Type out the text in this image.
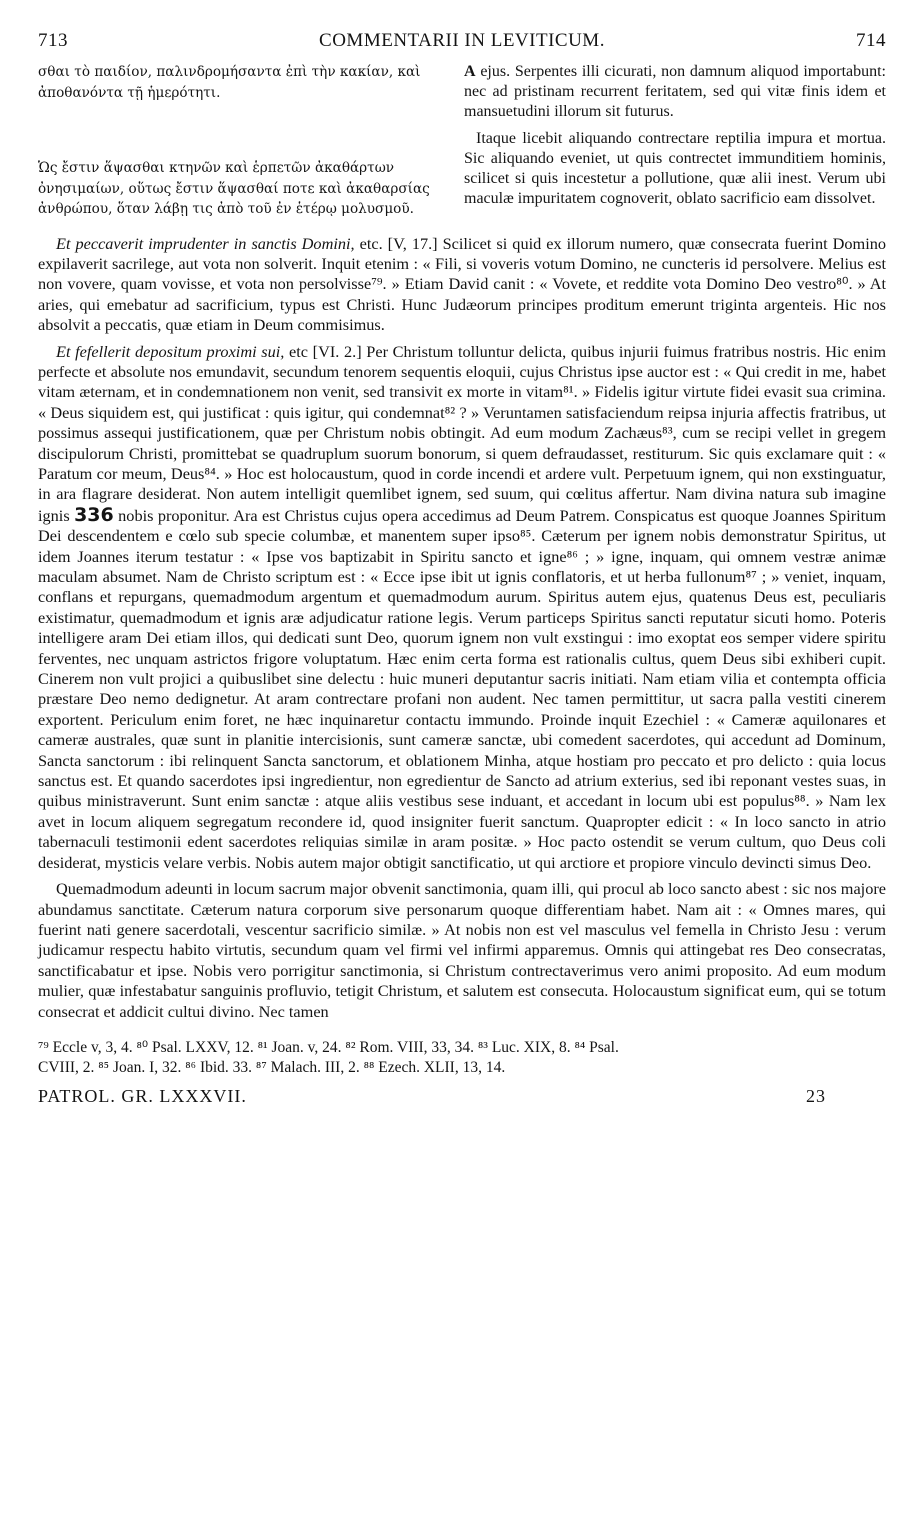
713	COMMENTARII IN LEVITICUM.	714

σθαι τὸ παιδίον, παλινδρομήσαντα ἐπὶ τὴν κακίαν, καὶ ἀποθανόντα τῇ ἡμερότητι.

Ὡς ἔστιν ἅψασθαι κτηνῶν καὶ ἑρπετῶν ἀκαθάρτων ὀνησιμαίων, οὕτως ἔστιν ἅψασθαί ποτε καὶ ἀκαθαρσίας ἀνθρώπου, ὅταν λάβῃ τις ἀπὸ τοῦ ἐν ἑτέρῳ μολυσμοῦ.

A ejus. Serpentes illi cicurati, non damnum aliquod importabunt: nec ad pristinam recurrent feritatem, sed qui vitæ finis idem et mansuetudini illorum sit futurus.

Itaque licebit aliquando contrectare reptilia impura et mortua. Sic aliquando eveniet, ut quis contrectet immunditiem hominis, scilicet si quis incestetur a pollutione, quæ alii inest. Verum ubi maculæ impuritatem cognoverit, oblato sacrificio eam dissolvet.

Et peccaverit imprudenter in sanctis Domini, etc. [V, 17.] Scilicet si quid ex illorum numero, quæ consecrata fuerint Domino expilaverit sacrilege, aut vota non solverit. Inquit etenim : « Fili, si voveris votum Domino, ne cuncteris id persolvere. Melius est non vovere, quam vovisse, et vota non persolvisse⁷⁹. » Etiam David canit : « Vovete, et reddite vota Domino Deo vestro⁸⁰. » At aries, qui emebatur ad sacrificium, typus est Christi. Hunc Judæorum principes proditum emerunt triginta argenteis. Hic nos absolvit a peccatis, quæ etiam in Deum commisimus.

Et fefellerit depositum proximi sui, etc [VI. 2.] Per Christum tolluntur delicta, quibus injurii fuimus fratribus nostris. Hic enim perfecte et absolute nos emundavit, secundum tenorem sequentis eloquii, cujus Christus ipse auctor est : « Qui credit in me, habet vitam æternam, et in condemnationem non venit, sed transivit ex morte in vitam⁸¹. » Fidelis igitur virtute fidei evasit sua crimina. « Deus siquidem est, qui justificat : quis igitur, qui condemnat⁸² ? » Veruntamen satisfaciendum reipsa injuria affectis fratribus, ut possimus assequi justificationem, quæ per Christum nobis obtingit. Ad eum modum Zachæus⁸³, cum se recipi vellet in gregem discipulorum Christi, promittebat se quadruplum suorum bonorum, si quem defraudasset, restiturum. Sic quis exclamare quit : « Paratum cor meum, Deus⁸⁴. » Hoc est holocaustum, quod in corde incendi et ardere vult. Perpetuum ignem, qui non exstinguatur, in ara flagrare desiderat. Non autem intelligit quemlibet ignem, sed suum, qui cœlitus affertur. Nam divina natura sub imagine ignis 336 nobis proponitur. Ara est Christus cujus opera accedimus ad Deum Patrem. Conspicatus est quoque Joannes Spiritum Dei descendentem e cœlo sub specie columbæ, et manentem super ipso⁸⁵. Cæterum per ignem nobis demonstratur Spiritus, ut idem Joannes iterum testatur : « Ipse vos baptizabit in Spiritu sancto et igne⁸⁶ ; » igne, inquam, qui omnem vestræ animæ maculam absumet. Nam de Christo scriptum est : « Ecce ipse ibit ut ignis conflatoris, et ut herba fullonum⁸⁷ ; » veniet, inquam, conflans et repurgans, quemadmodum argentum et quemadmodum aurum. Spiritus autem ejus, quatenus Deus est, peculiaris existimatur, quemadmodum et ignis aræ adjudicatur ratione legis. Verum particeps Spiritus sancti reputatur sicuti homo. Poteris intelligere aram Dei etiam illos, qui dedicati sunt Deo, quorum ignem non vult exstingui : imo exoptat eos semper videre spiritu ferventes, nec unquam astrictos frigore voluptatum. Hæc enim certa forma est rationalis cultus, quem Deus sibi exhiberi cupit. Cinerem non vult projici a quibuslibet sine delectu : huic muneri deputantur sacris initiati. Nam etiam vilia et contempta officia præstare Deo nemo dedignetur. At aram contrectare profani non audent. Nec tamen permittitur, ut sacra palla vestiti cinerem exportent. Periculum enim foret, ne hæc inquinaretur contactu immundo. Proinde inquit Ezechiel : « Cameræ aquilonares et cameræ australes, quæ sunt in planitie intercisionis, sunt cameræ sanctæ, ubi comedent sacerdotes, qui accedunt ad Dominum, Sancta sanctorum : ibi relinquent Sancta sanctorum, et oblationem Minha, atque hostiam pro peccato et pro delicto : quia locus sanctus est. Et quando sacerdotes ipsi ingredientur, non egredientur de Sancto ad atrium exterius, sed ibi reponant vestes suas, in quibus ministraverunt. Sunt enim sanctæ : atque aliis vestibus sese induant, et accedant in locum ubi est populus⁸⁸. » Nam lex avet in locum aliquem segregatum recondere id, quod insigniter fuerit sanctum. Quapropter edicit : « In loco sancto in atrio tabernaculi testimonii edent sacerdotes reliquias similæ in aram positæ. » Hoc pacto ostendit se verum cultum, quo Deus coli desiderat, mysticis velare verbis. Nobis autem major obtigit sanctificatio, ut qui arctiore et propiore vinculo devincti simus Deo.

Quemadmodum adeunti in locum sacrum major obvenit sanctimonia, quam illi, qui procul ab loco sancto abest : sic nos majore abundamus sanctitate. Cæterum natura corporum sive personarum quoque differentiam habet. Nam ait : « Omnes mares, qui fuerint nati genere sacerdotali, vescentur sacrificio similæ. » At nobis non est vel masculus vel femella in Christo Jesu : verum judicamur respectu habito virtutis, secundum quam vel firmi vel infirmi apparemus. Omnis qui attingebat res Deo consecratas, sanctificabatur et ipse. Nobis vero porrigitur sanctimonia, si Christum contrectaverimus vero animi proposito. Ad eum modum mulier, quæ infestabatur sanguinis profluvio, tetigit Christum, et salutem est consecuta. Holocaustum significat eum, qui se totum consecrat et addicit cultui divino. Nec tamen

⁷⁹ Eccle v, 3, 4. ⁸⁰ Psal. LXXV, 12. ⁸¹ Joan. v, 24. ⁸² Rom. VIII, 33, 34. ⁸³ Luc. XIX, 8. ⁸⁴ Psal.

CVIII, 2. ⁸⁵ Joan. I, 32. ⁸⁶ Ibid. 33. ⁸⁷ Malach. III, 2. ⁸⁸ Ezech. XLII, 13, 14.

PATROL. GR. LXXXVII.	23
